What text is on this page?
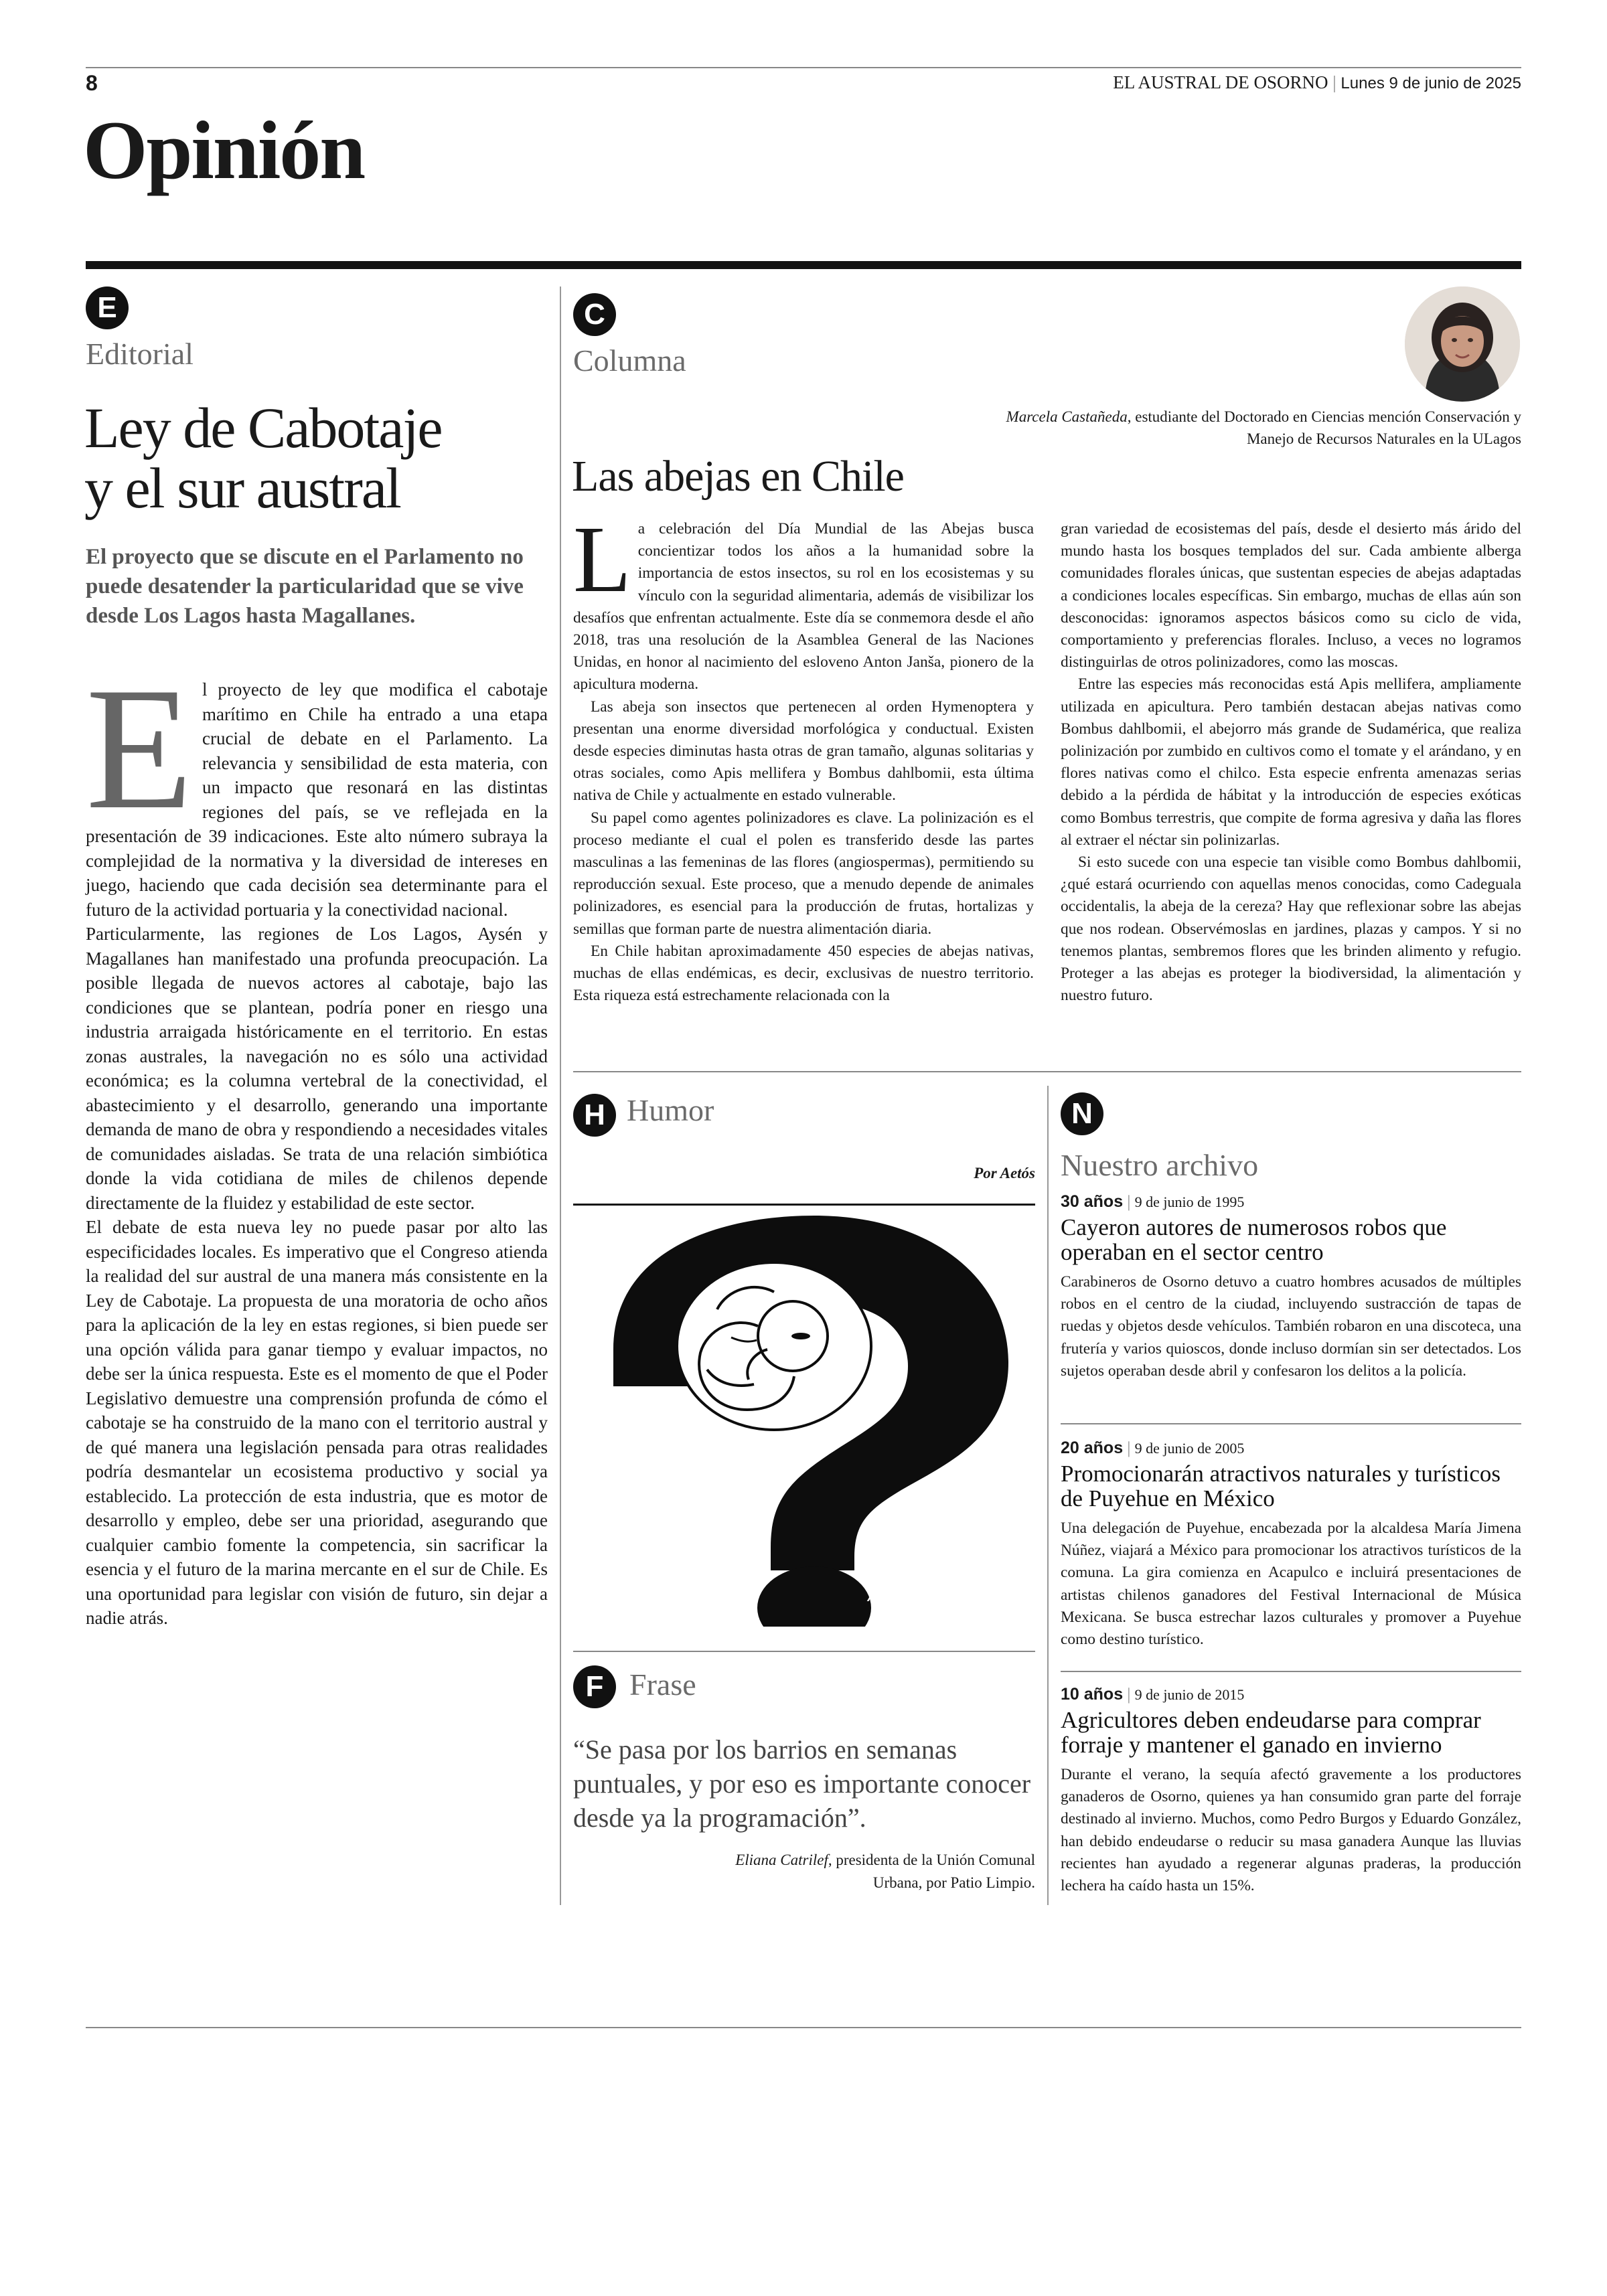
8	EL AUSTRAL DE OSORNO | Lunes 9 de junio de 2025
Opinión
E
Editorial
Ley de Cabotaje
y el sur austral
El proyecto que se discute en el Parlamento no puede desatender la particularidad que se vive desde Los Lagos hasta Magallanes.

El proyecto de ley que modifica el cabotaje marítimo en Chile ha entrado a una etapa crucial de debate en el Parlamento. La relevancia y sensibilidad de esta materia, con un impacto que resonará en las distintas regiones del país, se ve reflejada en la presentación de 39 indicaciones. Este alto número subraya la complejidad de la normativa y la diversidad de intereses en juego, haciendo que cada decisión sea determinante para el futuro de la actividad portuaria y la conectividad nacional.

Particularmente, las regiones de Los Lagos, Aysén y Magallanes han manifestado una profunda preocupación. La posible llegada de nuevos actores al cabotaje, bajo las condiciones que se plantean, podría poner en riesgo una industria arraigada históricamente en el territorio. En estas zonas australes, la navegación no es sólo una actividad económica; es la columna vertebral de la conectividad, el abastecimiento y el desarrollo, generando una importante demanda de mano de obra y respondiendo a necesidades vitales de comunidades aisladas. Se trata de una relación simbiótica donde la vida cotidiana de miles de chilenos depende directamente de la fluidez y estabilidad de este sector.

El debate de esta nueva ley no puede pasar por alto las especificidades locales. Es imperativo que el Congreso atienda la realidad del sur austral de una manera más consistente en la Ley de Cabotaje. La propuesta de una moratoria de ocho años para la aplicación de la ley en estas regiones, si bien puede ser una opción válida para ganar tiempo y evaluar impactos, no debe ser la única respuesta. Este es el momento de que el Poder Legislativo demuestre una comprensión profunda de cómo el cabotaje se ha construido de la mano con el territorio austral y de qué manera una legislación pensada para otras realidades podría desmantelar un ecosistema productivo y social ya establecido. La protección de esta industria, que es motor de desarrollo y empleo, debe ser una prioridad, asegurando que cualquier cambio fomente la competencia, sin sacrificar la esencia y el futuro de la marina mercante en el sur de Chile. Es una oportunidad para legislar con visión de futuro, sin dejar a nadie atrás.

C
Columna
Marcela Castañeda, estudiante del Doctorado en Ciencias mención Conservación y Manejo de Recursos Naturales en la ULagos
Las abejas en Chile

La celebración del Día Mundial de las Abejas busca concientizar todos los años a la humanidad sobre la importancia de estos insectos, su rol en los ecosistemas y su vínculo con la seguridad alimentaria, además de visibilizar los desafíos que enfrentan actualmente. Este día se conmemora desde el año 2018, tras una resolución de la Asamblea General de las Naciones Unidas, en honor al nacimiento del esloveno Anton Janša, pionero de la apicultura moderna.

Las abeja son insectos que pertenecen al orden Hymenoptera y presentan una enorme diversidad morfológica y conductual. Existen desde especies diminutas hasta otras de gran tamaño, algunas solitarias y otras sociales, como Apis mellifera y Bombus dahlbomii, esta última nativa de Chile y actualmente en estado vulnerable.

Su papel como agentes polinizadores es clave. La polinización es el proceso mediante el cual el polen es transferido desde las partes masculinas a las femeninas de las flores (angiospermas), permitiendo su reproducción sexual. Este proceso, que a menudo depende de animales polinizadores, es esencial para la producción de frutas, hortalizas y semillas que forman parte de nuestra alimentación diaria.

En Chile habitan aproximadamente 450 especies de abejas nativas, muchas de ellas endémicas, es decir, exclusivas de nuestro territorio. Esta riqueza está estrechamente relacionada con la

gran variedad de ecosistemas del país, desde el desierto más árido del mundo hasta los bosques templados del sur. Cada ambiente alberga comunidades florales únicas, que sustentan especies de abejas adaptadas a condiciones locales específicas. Sin embargo, muchas de ellas aún son desconocidas: ignoramos aspectos básicos como su ciclo de vida, comportamiento y preferencias florales. Incluso, a veces no logramos distinguirlas de otros polinizadores, como las moscas.

Entre las especies más reconocidas está Apis mellifera, ampliamente utilizada en apicultura. Pero también destacan abejas nativas como Bombus dahlbomii, el abejorro más grande de Sudamérica, que realiza polinización por zumbido en cultivos como el tomate y el arándano, y en flores nativas como el chilco. Esta especie enfrenta amenazas serias debido a la pérdida de hábitat y la introducción de especies exóticas como Bombus terrestris, que compite de forma agresiva y daña las flores al extraer el néctar sin polinizarlas.

Si esto sucede con una especie tan visible como Bombus dahlbomii, ¿qué estará ocurriendo con aquellas menos conocidas, como Cadeguala occidentalis, la abeja de la cereza? Hay que reflexionar sobre las abejas que nos rodean. Observémoslas en jardines, plazas y campos. Y si no tenemos plantas, sembremos flores que les brinden alimento y refugio. Proteger a las abejas es proteger la biodiversidad, la alimentación y nuestro futuro.

H Humor
Por Aetós
AETÓS
F Frase
“Se pasa por los barrios en semanas puntuales, y por eso es importante conocer desde ya la programación”.
Eliana Catrilef, presidenta de la Unión Comunal Urbana, por Patio Limpio.
N
Nuestro archivo
30 años | 9 de junio de 1995
Cayeron autores de numerosos robos que operaban en el sector centro
Carabineros de Osorno detuvo a cuatro hombres acusados de múltiples robos en el centro de la ciudad, incluyendo sustracción de tapas de ruedas y objetos desde vehículos. También robaron en una discoteca, una frutería y varios quioscos, donde incluso dormían sin ser detectados. Los sujetos operaban desde abril y confesaron los delitos a la policía.
20 años | 9 de junio de 2005
Promocionarán atractivos naturales y turísticos de Puyehue en México
Una delegación de Puyehue, encabezada por la alcaldesa María Jimena Núñez, viajará a México para promocionar los atractivos turísticos de la comuna. La gira comienza en Acapulco e incluirá presentaciones de artistas chilenos ganadores del Festival Internacional de Música Mexicana. Se busca estrechar lazos culturales y promover a Puyehue como destino turístico.
10 años | 9 de junio de 2015
Agricultores deben endeudarse para comprar forraje y mantener el ganado en invierno
Durante el verano, la sequía afectó gravemente a los productores ganaderos de Osorno, quienes ya han consumido gran parte del forraje destinado al invierno. Muchos, como Pedro Burgos y Eduardo González, han debido endeudarse o reducir su masa ganadera Aunque las lluvias recientes han ayudado a regenerar algunas praderas, la producción lechera ha caído hasta un 15%.
